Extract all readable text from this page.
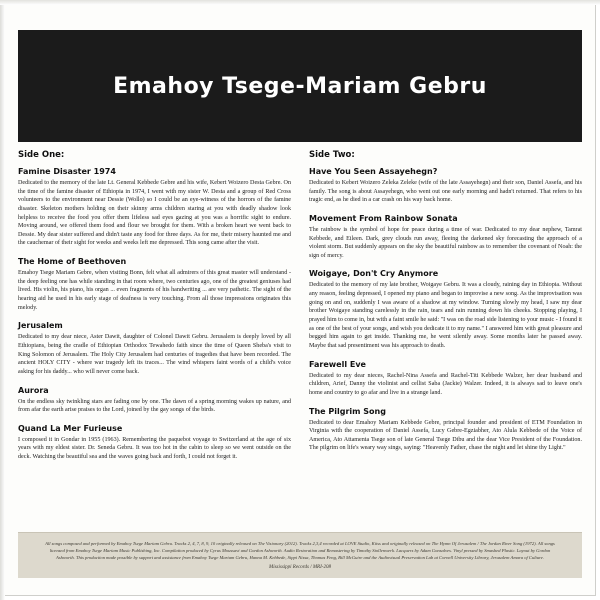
Emahoy Tsege-Mariam Gebru
Side One:
Famine Disaster 1974
Dedicated to the memory of the late Lt. General Kebbede Gebre and his wife, Kebert Woizero Desta Gebre. On the time of the famine disaster of Ethiopia in 1974, I went with my sister W. Desta and a group of Red Cross volunteers to the environment near Dessie (Wollo) so I could be an eye-witness of the horrors of the famine disaster. Skeleton mothers holding on their skinny arms children staring at you with deadly shadow look helpless to receive the food you offer them lifeless sad eyes gazing at you was a horrific sight to endure. Moving around, we offered them food and flour we brought for them. With a broken heart we went back to Dessie. My dear sister suffered and didn't taste any food for three days. As for me, their misery haunted me and the cauchemar of their sight for weeks and weeks left me depressed. This song came after the visit.
The Home of Beethoven
Emahoy Tsege Mariam Gebre, when visiting Bonn, felt what all admirers of this great master will understand - the deep feeling one has while standing in that room where, two centuries ago, one of the greatest geniuses had lived. His violin, his piano, his organ ... even fragments of his handwriting ... are very pathetic. The sight of the hearing aid he used in his early stage of deafness is very touching. From all those impressions originates this melody.
Jerusalem
Dedicated to my dear niece, Aster Dawit, daughter of Colonel Dawit Gebru. Jerusalem is deeply loved by all Ethiopians, being the cradle of Ethiopian Orthodox Tewahedo faith since the time of Queen Sheba's visit to King Solomon of Jerusalem. The Holy City Jerusalem had centuries of tragedies that have been recorded. The ancient HOLY CITY - where war tragedy left its traces... The wind whispers faint words of a child's voice asking for his daddy... who will never come back.
Aurora
On the endless sky twinkling stars are fading one by one. The dawn of a spring morning wakes up nature, and from afar the earth arise praises to the Lord, joined by the gay songs of the birds.
Quand La Mer Furieuse
I composed it in Gondar in 1955 (1963). Remembering the paquebot voyage to Switzerland at the age of six years with my eldest sister. Dr. Seneda Gebru. It was too hot in the cabin to sleep so we went outside on the deck. Watching the beautiful sea and the waves going back and forth, I could not forget it.
Side Two:
Have You Seen Assayehegn?
Dedicated to Kebert Woizero Zeleka Zeleke (wife of the late Assayehegn) and their son, Daniel Assefa, and his family. The song is about Assayehegn, who went out one early morning and hadn't returned. That refers to his tragic end, as he died in a car crash on his way back home.
Movement From Rainbow Sonata
The rainbow is the symbol of hope for peace during a time of war. Dedicated to my dear nephew, Tamrat Kebbede, and Eileen. Dark, grey clouds run away, fleeing the darkened sky forecasting the approach of a violent storm. But suddenly appears on the sky the beautiful rainbow as to remember the covenant of Noah: the sign of mercy.
Woigaye, Don't Cry Anymore
Dedicated to the memory of my late brother, Woigaye Gebru. It was a cloudy, raining day in Ethiopia. Without any reason, feeling depressed, I opened my piano and began to improvise a new song. As the improvisation was going on and on, suddenly I was aware of a shadow at my window. Turning slowly my head, I saw my dear brother Woigaye standing carelessly in the rain, tears and rain running down his cheeks. Stopping playing, I prayed him to come in, but with a faint smile he said: "I was on the road side listening to your music - I found it as one of the best of your songs, and wish you dedicate it to my name." I answered him with great pleasure and begged him again to get inside. Thanking me, he went silently away. Some months later he passed away. Maybe that sad presentiment was his approach to death.
Farewell Eve
Dedicated to my dear nieces, Rachel-Nina Assefa and Rachel-Titi Kebbede Walzer, her dear husband and children, Arief, Danny the violinist and cellist Saba (Jackie) Walzer. Indeed, it is always sad to leave one's home and country to go afar and live in a strange land.
The Pilgrim Song
Dedicated to dear Emahoy Mariam Kebbede Gebre, principal founder and president of ETM Foundation in Virginia with the cooperation of Daniel Assefa, Lucy Gebre-Egziabher, Ato Alula Kebbede of the Voice of America, Ato Attamenta Tsege son of late General Tsege Dibu and the dear Vice President of the Foundation. The pilgrim on life's weary way sings, saying: "Heavenly Father, chase the night and let shine thy Light."
All songs composed and performed by Emahoy Tsege Mariam Gebru. Tracks 2, 4, 7, 8, 9, 10 originally released on The Visionary (2012). Tracks 2,3,4 recorded at LOVE Studio, Kiiss and originally released on The Hymn Of Jerusalem / The Jordan River Song (1972). All songs licensed from Emahoy Tsege Mariam Music Publishing, Inc. Compilation produced by Cyrus Moussavi and Gordon Ashworth. Audio Restoration and Remastering by Timothy Stollenwerk. Lacquers by Adam Gonsalves. Vinyl pressed by Smashed Plastic. Layout by Gordon Ashworth. This production made possible by support and assistance from Emahoy Tsege Mariam Gebru, Hanna M. Kebbede, Sippi Nissa, Thomas Feng, Bill McGuire and the Audiovisual Preservation Lab at Cornell University Library, Jerusalem Amara of Culture.
Mississippi Records / MRI-208
